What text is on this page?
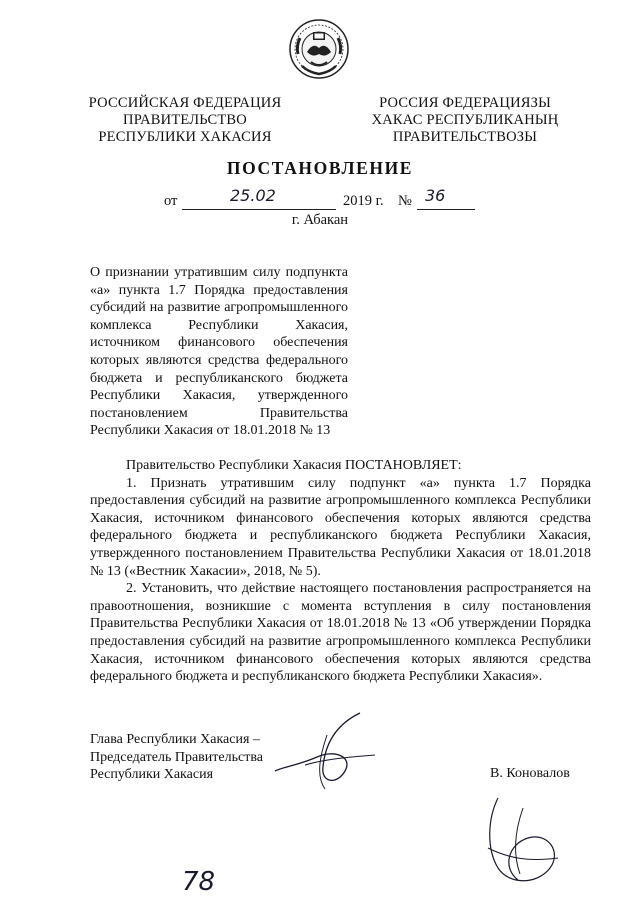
РОССИЙСКАЯ ФЕДЕРАЦИЯ
ПРАВИТЕЛЬСТВО
РЕСПУБЛИКИ ХАКАСИЯ
РОССИЯ ФЕДЕРАЦИЯЗЫ
ХАКАС РЕСПУБЛИКАНЫҢ
ПРАВИТЕЛЬСТВОЗЫ
ПОСТАНОВЛЕНИЕ
от	25.02	2019 г. № 36
г. Абакан

О признании утратившим силу подпункта «а» пункта 1.7 Порядка предоставления субсидий на развитие агропромышленного комплекса Республики Хакасия, источником финансового обеспечения которых являются средства федерального бюджета и республиканского бюджета Республики Хакасия, утвержденного постановлением Правительства Республики Хакасия от 18.01.2018 № 13

Правительство Республики Хакасия ПОСТАНОВЛЯЕТ:

1. Признать утратившим силу подпункт «а» пункта 1.7 Порядка предоставления субсидий на развитие агропромышленного комплекса Республики Хакасия, источником финансового обеспечения которых являются средства федерального бюджета и республиканского бюджета Республики Хакасия, утвержденного постановлением Правительства Республики Хакасия от 18.01.2018 № 13 («Вестник Хакасии», 2018, № 5).

2. Установить, что действие настоящего постановления распространяется на правоотношения, возникшие с момента вступления в силу постановления Правительства Республики Хакасия от 18.01.2018 № 13 «Об утверждении Порядка предоставления субсидий на развитие агропромышленного комплекса Республики Хакасия, источником финансового обеспечения которых являются средства федерального бюджета и республиканского бюджета Республики Хакасия».

Глава Республики Хакасия –
Председатель Правительства
Республики Хакасия	В. Коновалов
78
